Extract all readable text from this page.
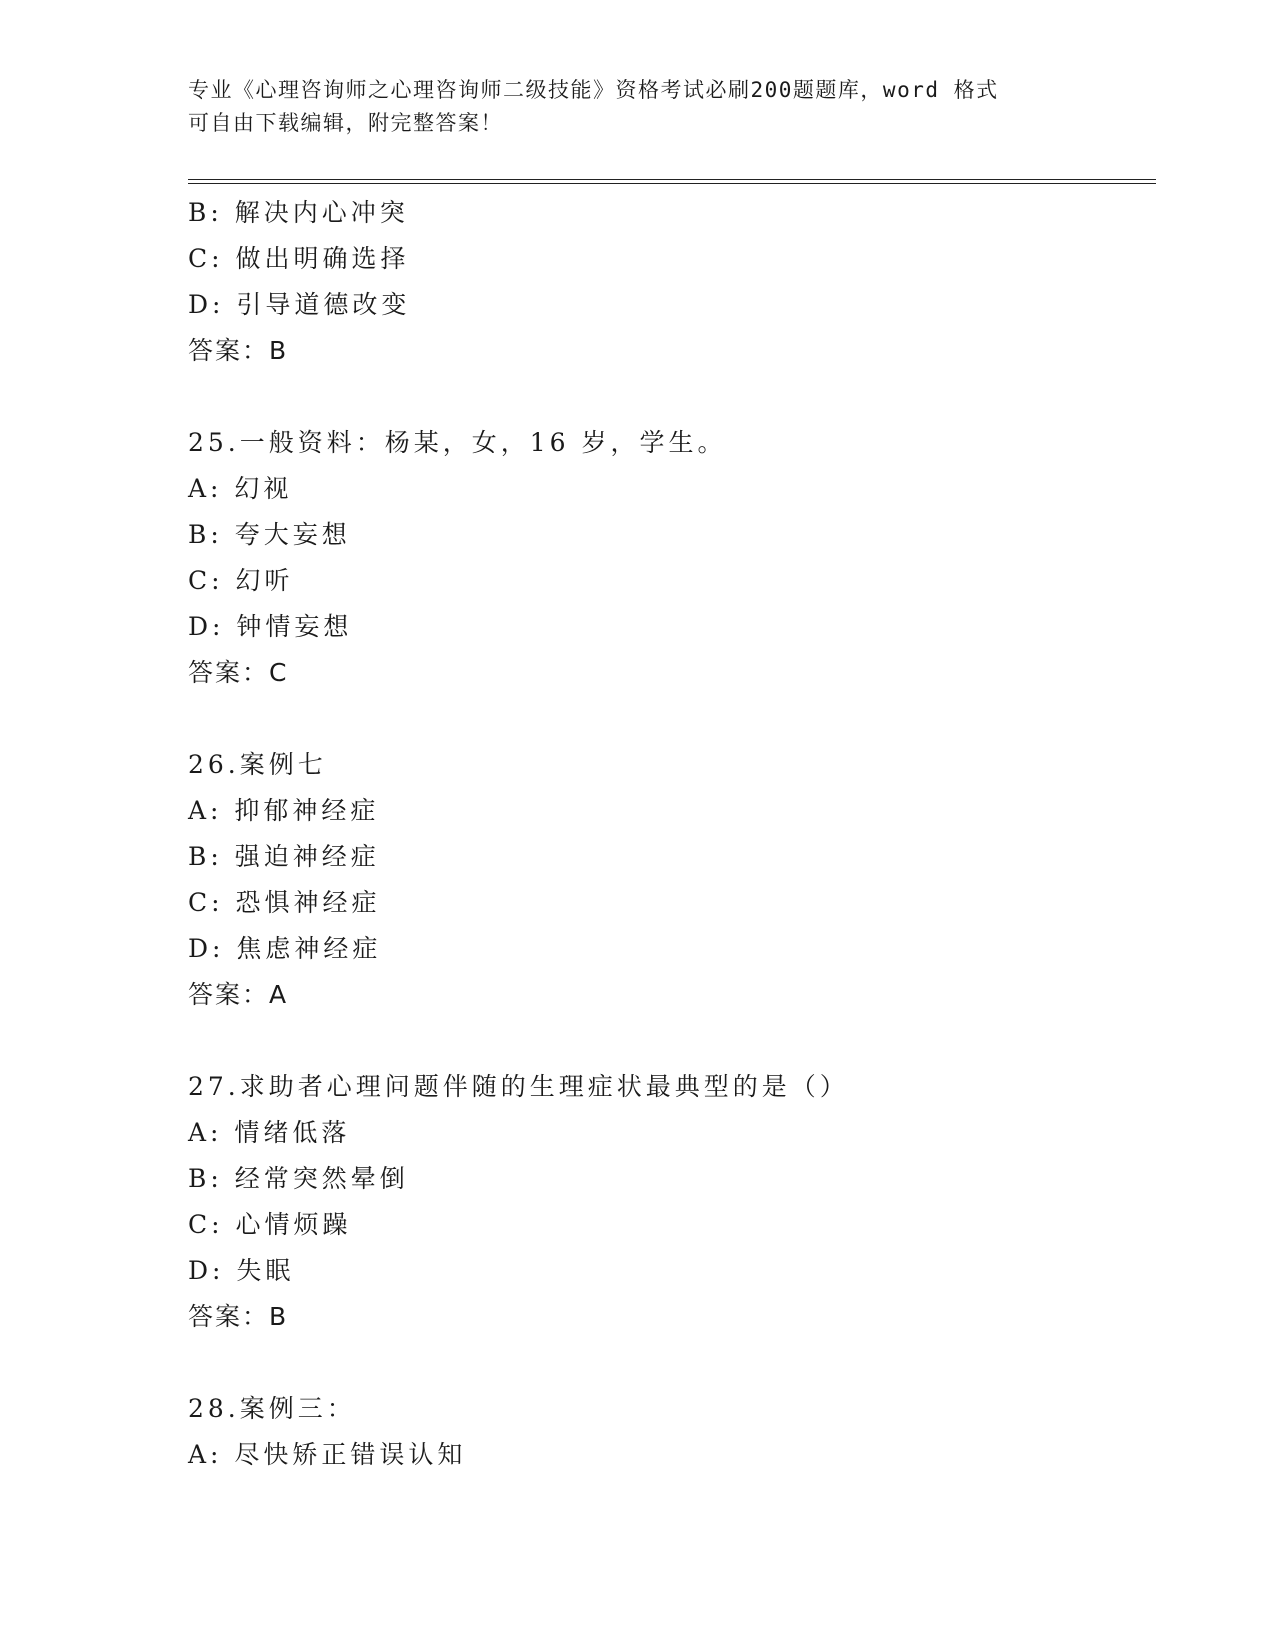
专业《心理咨询师之心理咨询师二级技能》资格考试必刷200题题库，word 格式
可自由下载编辑，附完整答案！
B: 解决内心冲突
C: 做出明确选择
D: 引导道德改变
答案：B
25.一般资料：杨某，女，16 岁，学生。
A: 幻视
B: 夸大妄想
C: 幻听
D: 钟情妄想
答案：C
26.案例七
A: 抑郁神经症
B: 强迫神经症
C: 恐惧神经症
D: 焦虑神经症
答案：A
27.求助者心理问题伴随的生理症状最典型的是（）
A: 情绪低落
B: 经常突然晕倒
C: 心情烦躁
D: 失眠
答案：B
28.案例三：
A: 尽快矫正错误认知
